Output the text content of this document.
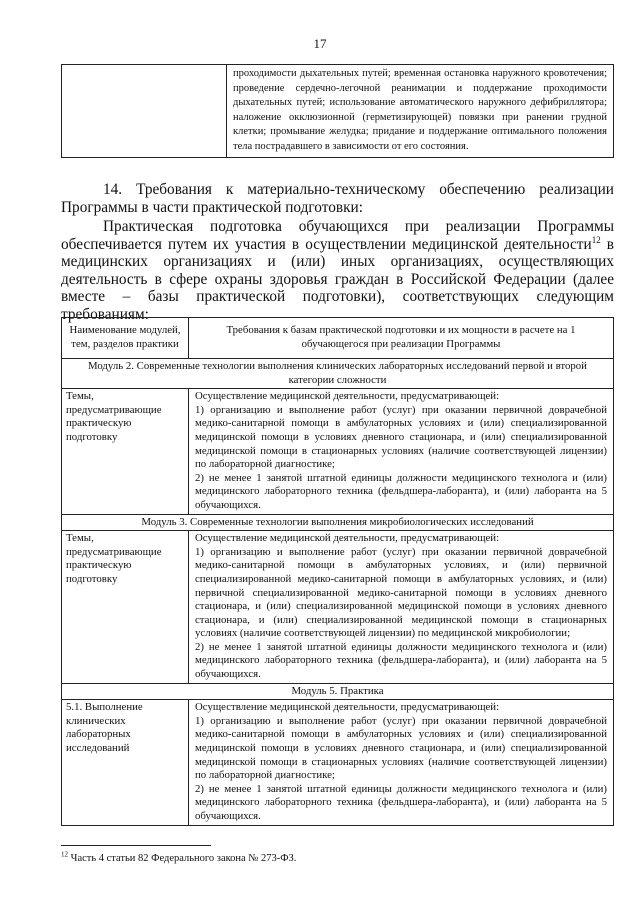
17
	проходимости дыхательных путей; временная остановка наружного кровотечения; проведение сердечно-легочной реанимации и поддержание проходимости дыхательных путей; использование автоматического наружного дефибриллятора; наложение окклюзионной (герметизирующей) повязки при ранении грудной клетки; промывание желудка; придание и поддержание оптимального положения тела пострадавшего в зависимости от его состояния.
14. Требования к материально-техническому обеспечению реализации
Программы в части практической подготовки:

Практическая подготовка обучающихся при реализации Программы обеспечивается путем их участия в осуществлении медицинской деятельности$^{12}$ в медицинских организациях и (или) иных организациях, осуществляющих деятельность в сфере охраны здоровья граждан в Российской Федерации (далее вместе – базы практической подготовки), соответствующих следующим требованиям:

Наименование модулей, тем, разделов практики	Требования к базам практической подготовки и их мощности в расчете на 1 обучающегося при реализации Программы
Модуль 2. Современные технологии выполнения клинических лабораторных исследований первой и второй категории сложности	
Темы, предусматривающие практическую подготовку	Осуществление медицинской деятельности, предусматривающей:
1) организацию и выполнение работ (услуг) при оказании первичной доврачебной медико-санитарной помощи в амбулаторных условиях и (или) специализированной медицинской помощи в условиях дневного стационара, и (или) специализированной медицинской помощи в стационарных условиях (наличие соответствующей лицензии) по лабораторной диагностике;
2) не менее 1 занятой штатной единицы должности медицинского технолога и (или) медицинского лабораторного техника (фельдшера-лаборанта), и (или) лаборанта на 5 обучающихся.
Модуль 3. Современные технологии выполнения микробиологических исследований	
Темы, предусматривающие практическую подготовку	Осуществление медицинской деятельности, предусматривающей:
1) организацию и выполнение работ (услуг) при оказании первичной доврачебной медико-санитарной помощи в амбулаторных условиях, и (или) первичной специализированной медико-санитарной помощи в амбулаторных условиях, и (или) первичной специализированной медико-санитарной помощи в условиях дневного стационара, и (или) специализированной медицинской помощи в условиях дневного стационара, и (или) специализированной медицинской помощи в стационарных условиях (наличие соответствующей лицензии) по медицинской микробиологии;
2) не менее 1 занятой штатной единицы должности медицинского технолога и (или) медицинского лабораторного техника (фельдшера-лаборанта), и (или) лаборанта на 5 обучающихся.
Модуль 5. Практика	
5.1. Выполнение клинических лабораторных исследований	Осуществление медицинской деятельности, предусматривающей:
1) организацию и выполнение работ (услуг) при оказании первичной доврачебной медико-санитарной помощи в амбулаторных условиях и (или) специализированной медицинской помощи в условиях дневного стационара, и (или) специализированной медицинской помощи в стационарных условиях (наличие соответствующей лицензии) по лабораторной диагностике;
2) не менее 1 занятой штатной единицы должности медицинского технолога и (или) медицинского лабораторного техника (фельдшера-лаборанта), и (или) лаборанта на 5 обучающихся.
$^{12}$ Часть 4 статьи 82 Федерального закона № 273-ФЗ.
